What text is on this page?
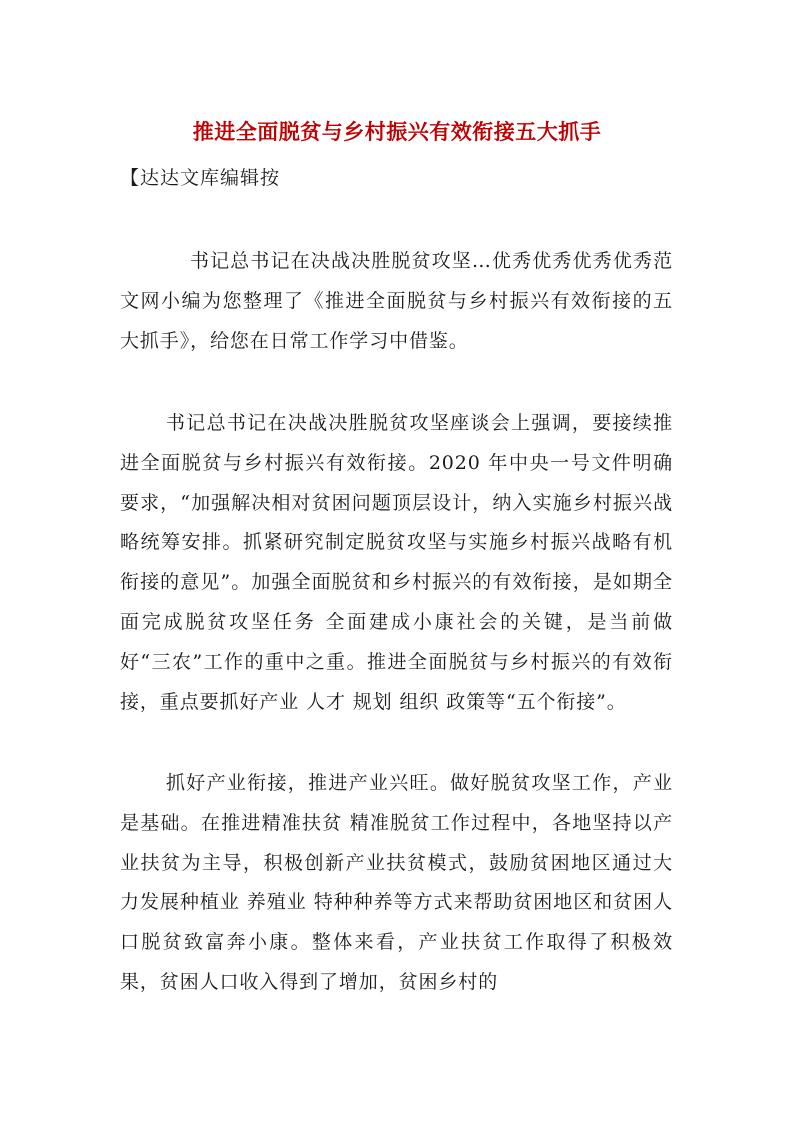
推进全面脱贫与乡村振兴有效衔接五大抓手
【达达文库编辑按

书记总书记在决战决胜脱贫攻坚…优秀优秀优秀优秀范文网小编为您整理了《推进全面脱贫与乡村振兴有效衔接的五大抓手》，给您在日常工作学习中借鉴。

书记总书记在决战决胜脱贫攻坚座谈会上强调，要接续推进全面脱贫与乡村振兴有效衔接。2020 年中央一号文件明确要求，“加强解决相对贫困问题顶层设计，纳入实施乡村振兴战略统筹安排。抓紧研究制定脱贫攻坚与实施乡村振兴战略有机衔接的意见”。加强全面脱贫和乡村振兴的有效衔接，是如期全面完成脱贫攻坚任务 全面建成小康社会的关键，是当前做好“三农”工作的重中之重。推进全面脱贫与乡村振兴的有效衔接，重点要抓好产业 人才 规划 组织 政策等“五个衔接”。

抓好产业衔接，推进产业兴旺。做好脱贫攻坚工作，产业是基础。在推进精准扶贫 精准脱贫工作过程中，各地坚持以产业扶贫为主导，积极创新产业扶贫模式，鼓励贫困地区通过大力发展种植业 养殖业 特种种养等方式来帮助贫困地区和贫困人口脱贫致富奔小康。整体来看，产业扶贫工作取得了积极效果，贫困人口收入得到了增加，贫困乡村的
